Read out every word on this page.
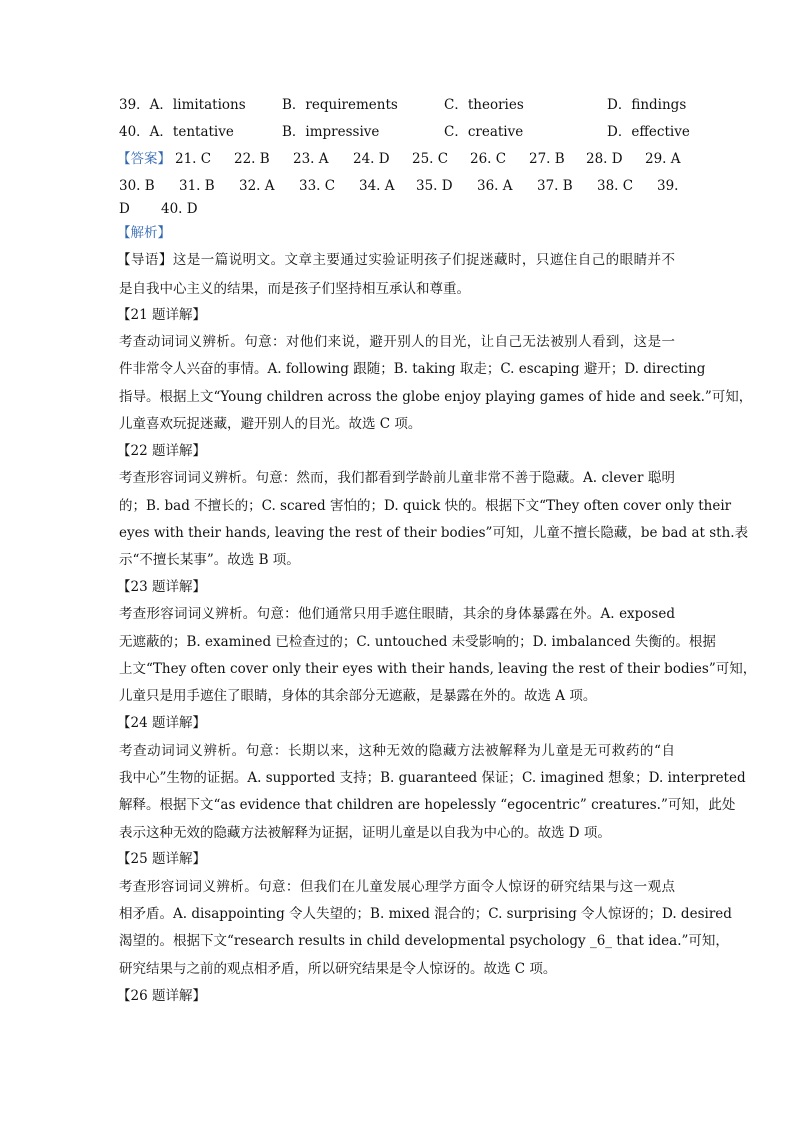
39．A．limitations	B．requirements	C．theories	D．findings
40．A．tentative	B．impressive	C．creative	D．effective
【答案】 21. C 22. B 23. A 24. D 25. C 26. C 27. B 28. D 29. A
30. B 31. B 32. A 33. C 34. A 35. D 36. A 37. B 38. C 39.
D 40. D
【解析】
【导语】这是一篇说明文。文章主要通过实验证明孩子们捉迷藏时，只遮住自己的眼睛并不
是自我中心主义的结果，而是孩子们坚持相互承认和尊重。
【21 题详解】
考查动词词义辨析。句意：对他们来说，避开别人的目光，让自己无法被别人看到，这是一
件非常令人兴奋的事情。A. following 跟随；B. taking 取走；C. escaping 避开；D. directing
指导。根据上文“Young children across the globe enjoy playing games of hide and seek.”可知，
儿童喜欢玩捉迷藏，避开别人的目光。故选 C 项。
【22 题详解】
考查形容词词义辨析。句意：然而，我们都看到学龄前儿童非常不善于隐藏。A. clever 聪明
的；B. bad 不擅长的；C. scared 害怕的；D. quick 快的。根据下文“They often cover only their
eyes with their hands, leaving the rest of their bodies”可知，儿童不擅长隐藏，be bad at sth.表
示“不擅长某事”。故选 B 项。
【23 题详解】
考查形容词词义辨析。句意：他们通常只用手遮住眼睛，其余的身体暴露在外。A. exposed
无遮蔽的；B. examined 已检查过的；C. untouched 未受影响的；D. imbalanced 失衡的。根据
上文“They often cover only their eyes with their hands, leaving the rest of their bodies”可知，
儿童只是用手遮住了眼睛，身体的其余部分无遮蔽，是暴露在外的。故选 A 项。
【24 题详解】
考查动词词义辨析。句意：长期以来，这种无效的隐藏方法被解释为儿童是无可救药的“自
我中心”生物的证据。A. supported 支持；B. guaranteed 保证；C. imagined 想象；D. interpreted
解释。根据下文“as evidence that children are hopelessly “egocentric” creatures.”可知，此处
表示这种无效的隐藏方法被解释为证据，证明儿童是以自我为中心的。故选 D 项。
【25 题详解】
考查形容词词义辨析。句意：但我们在儿童发展心理学方面令人惊讶的研究结果与这一观点
相矛盾。A. disappointing 令人失望的；B. mixed 混合的；C. surprising 令人惊讶的；D. desired
渴望的。根据下文“research results in child developmental psychology _6_ that idea.”可知，
研究结果与之前的观点相矛盾，所以研究结果是令人惊讶的。故选 C 项。
【26 题详解】
